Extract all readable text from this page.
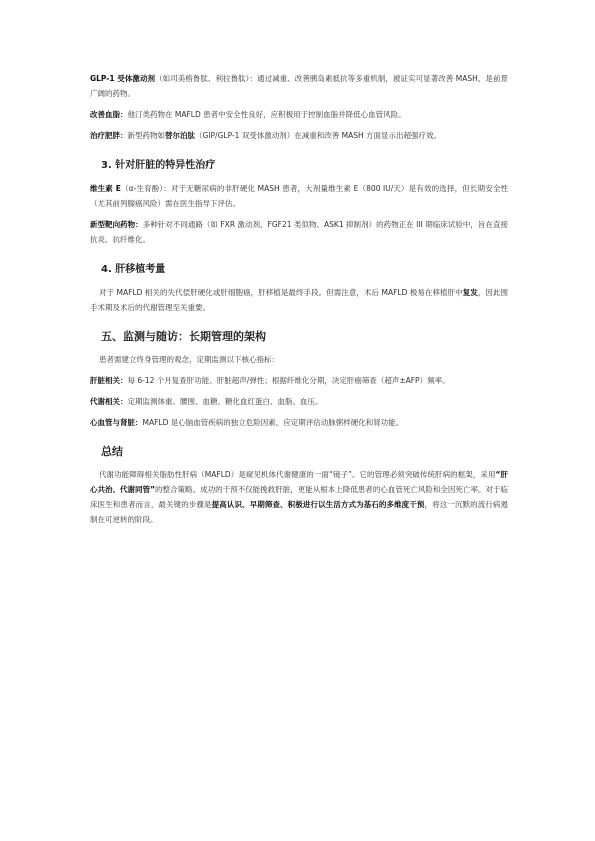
GLP-1 受体激动剂（如司美格鲁肽、利拉鲁肽）：通过减重、改善胰岛素抵抗等多重机制，被证实可显著改善 MASH，是前景广阔的药物。

改善血脂：他汀类药物在 MAFLD 患者中安全性良好，应积极用于控制血脂并降低心血管风险。

治疗肥胖：新型药物如替尔泊肽（GIP/GLP-1 双受体激动剂）在减重和改善 MASH 方面显示出超强疗效。

3. 针对肝脏的特异性治疗

维生素 E（α-生育酚）：对于无糖尿病的非肝硬化 MASH 患者，大剂量维生素 E（800 IU/天）是有效的选择，但长期安全性（尤其前列腺癌风险）需在医生指导下评估。

新型靶向药物：多种针对不同通路（如 FXR 激动剂、FGF21 类似物、ASK1 抑制剂）的药物正在 III 期临床试验中，旨在直接抗炎、抗纤维化。

4. 肝移植考量

对于 MAFLD 相关的失代偿肝硬化或肝细胞癌，肝移植是最终手段。但需注意，术后 MAFLD 极易在移植肝中复发，因此围手术期及术后的代谢管理至关重要。

五、监测与随访：长期管理的架构

患者需建立终身管理的观念，定期监测以下核心指标：

肝脏相关：每 6-12 个月复查肝功能、肝脏超声/弹性；根据纤维化分期，决定肝癌筛查（超声±AFP）频率。

代谢相关：定期监测体重、腰围、血糖、糖化血红蛋白、血脂、血压。

心血管与肾脏：MAFLD 是心脑血管疾病的独立危险因素，应定期评估动脉粥样硬化和肾功能。

总结

代谢功能障碍相关脂肪性肝病（MAFLD）是窥见机体代谢健康的一面“镜子”。它的管理必须突破传统肝病的框架，采用“肝心共治、代谢同管”的整合策略。成功的干预不仅能挽救肝脏，更能从根本上降低患者的心血管死亡风险和全因死亡率。对于临床医生和患者而言，最关键的步骤是提高认识、早期筛查、积极进行以生活方式为基石的多维度干预，将这一沉默的流行病遏制在可逆转的阶段。
